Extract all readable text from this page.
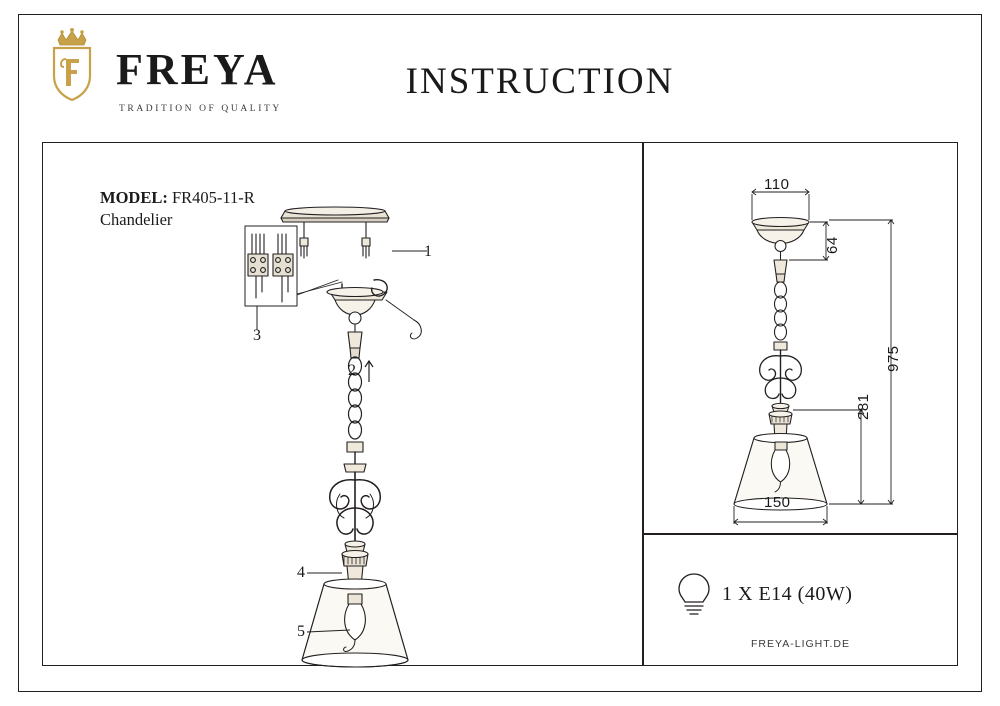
FREYA
TRADITION OF QUALITY
INSTRUCTION
MODEL: FR405-11-R
Chandelier
1
2
3
4
5
110
64
975
281
150
1 X E14 (40W)
FREYA-LIGHT.DE
